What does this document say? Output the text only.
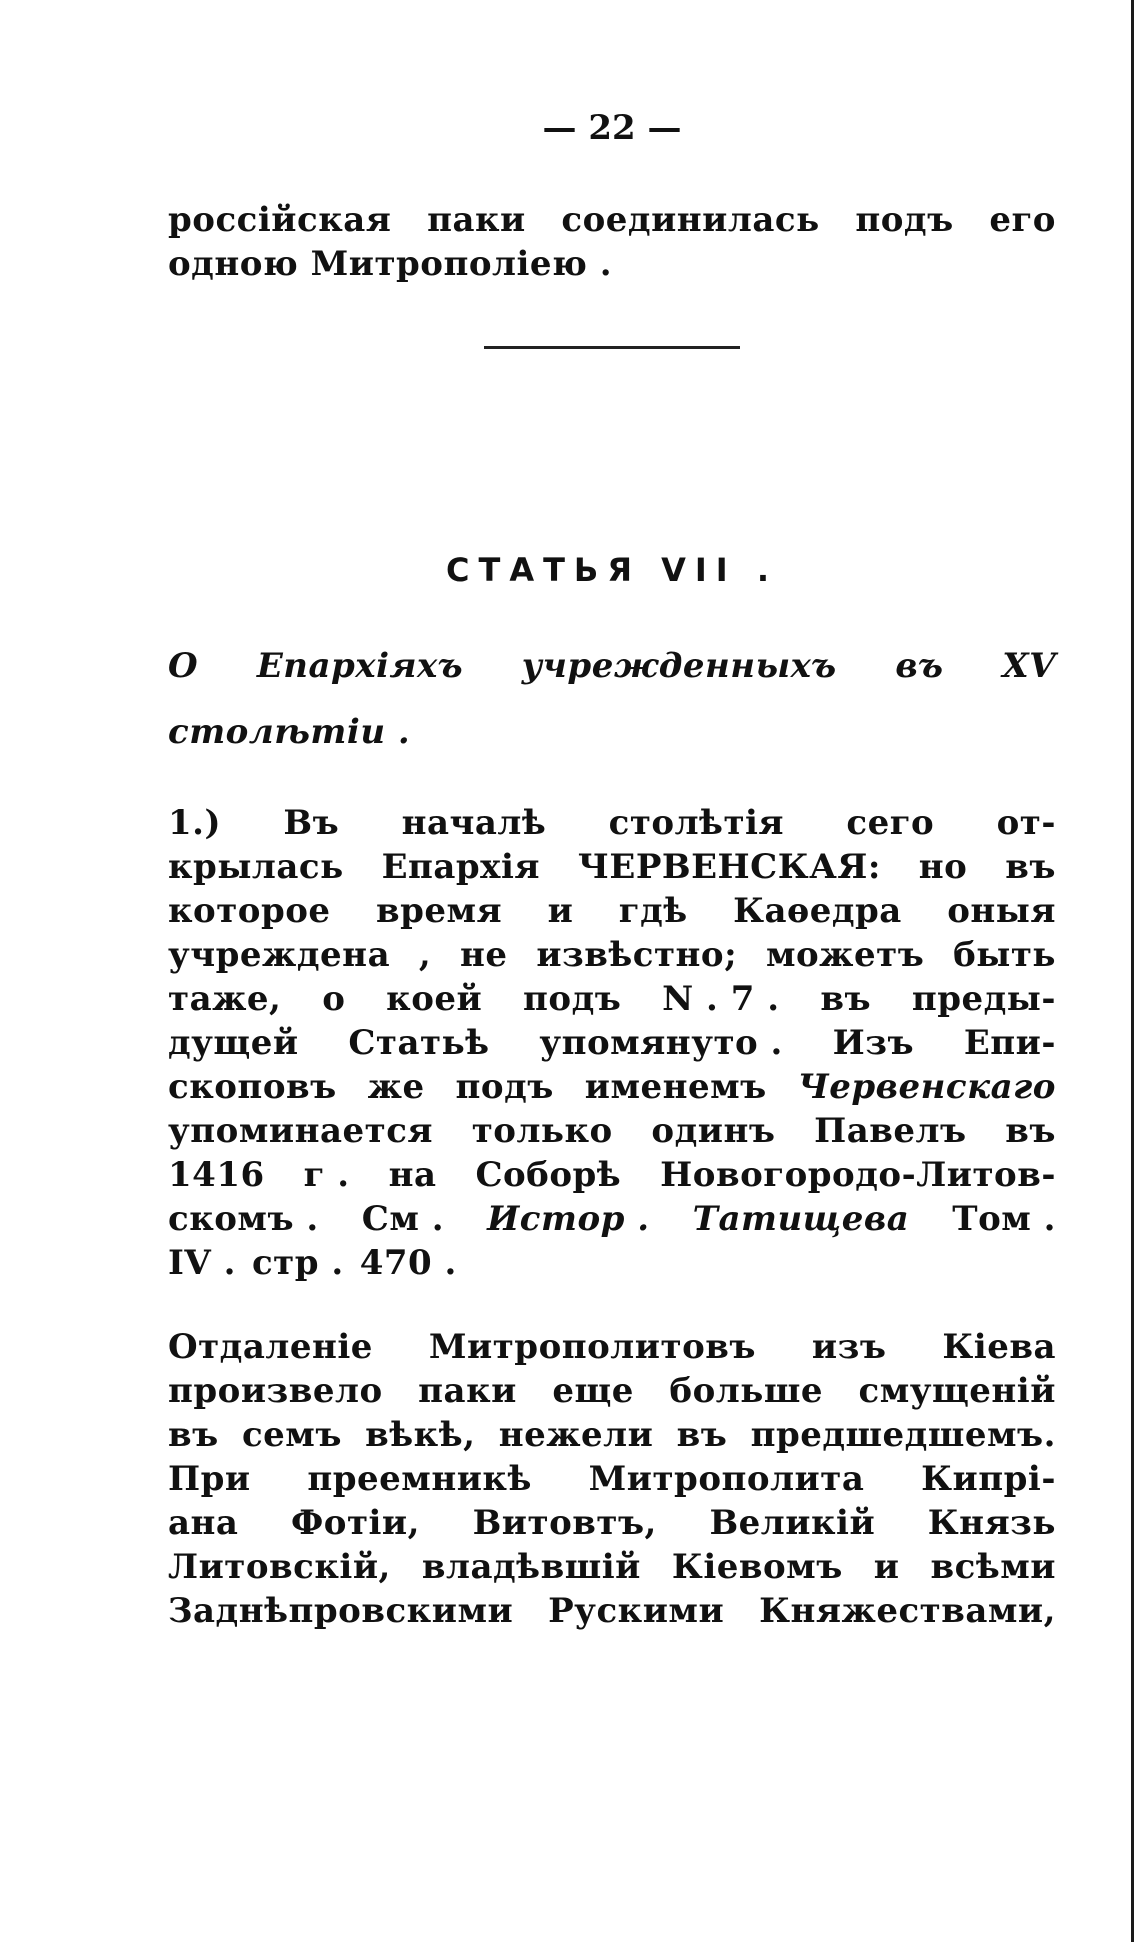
— 22 —
россійская паки соединилась подъ его
одною Митрополіею .
СТАТЬЯ VII .
О Епархіяхъ учрежденныхъ въ XV
столѣтіи .
1.) Въ началѣ столѣтія сего от-
крылась Епархія ЧЕРВЕНСКАЯ: но въ
которое время и гдѣ Каѳедра оныя
учреждена , не извѣстно; можетъ быть
таже, о коей подъ N . 7 . въ преды-
дущей Статьѣ упомянуто . Изъ Епи-
скоповъ же подъ именемъ Червенскаго
упоминается только одинъ Павелъ въ
1416 г . на Соборѣ Новогородо-Литов-
скомъ . См . Истор . Татищева Том .
IV . стр . 470 .
Отдаленіе Митрополитовъ изъ Кіева
произвело паки еще больше смущеній
въ семъ вѣкѣ, нежели въ предшедшемъ.
При преемникѣ Митрополита Кипрі-
ана Фотіи, Витовтъ, Великій Князь
Литовскій, владѣвшій Кіевомъ и всѣми
Заднѣпровскими Рускими Княжествами,
